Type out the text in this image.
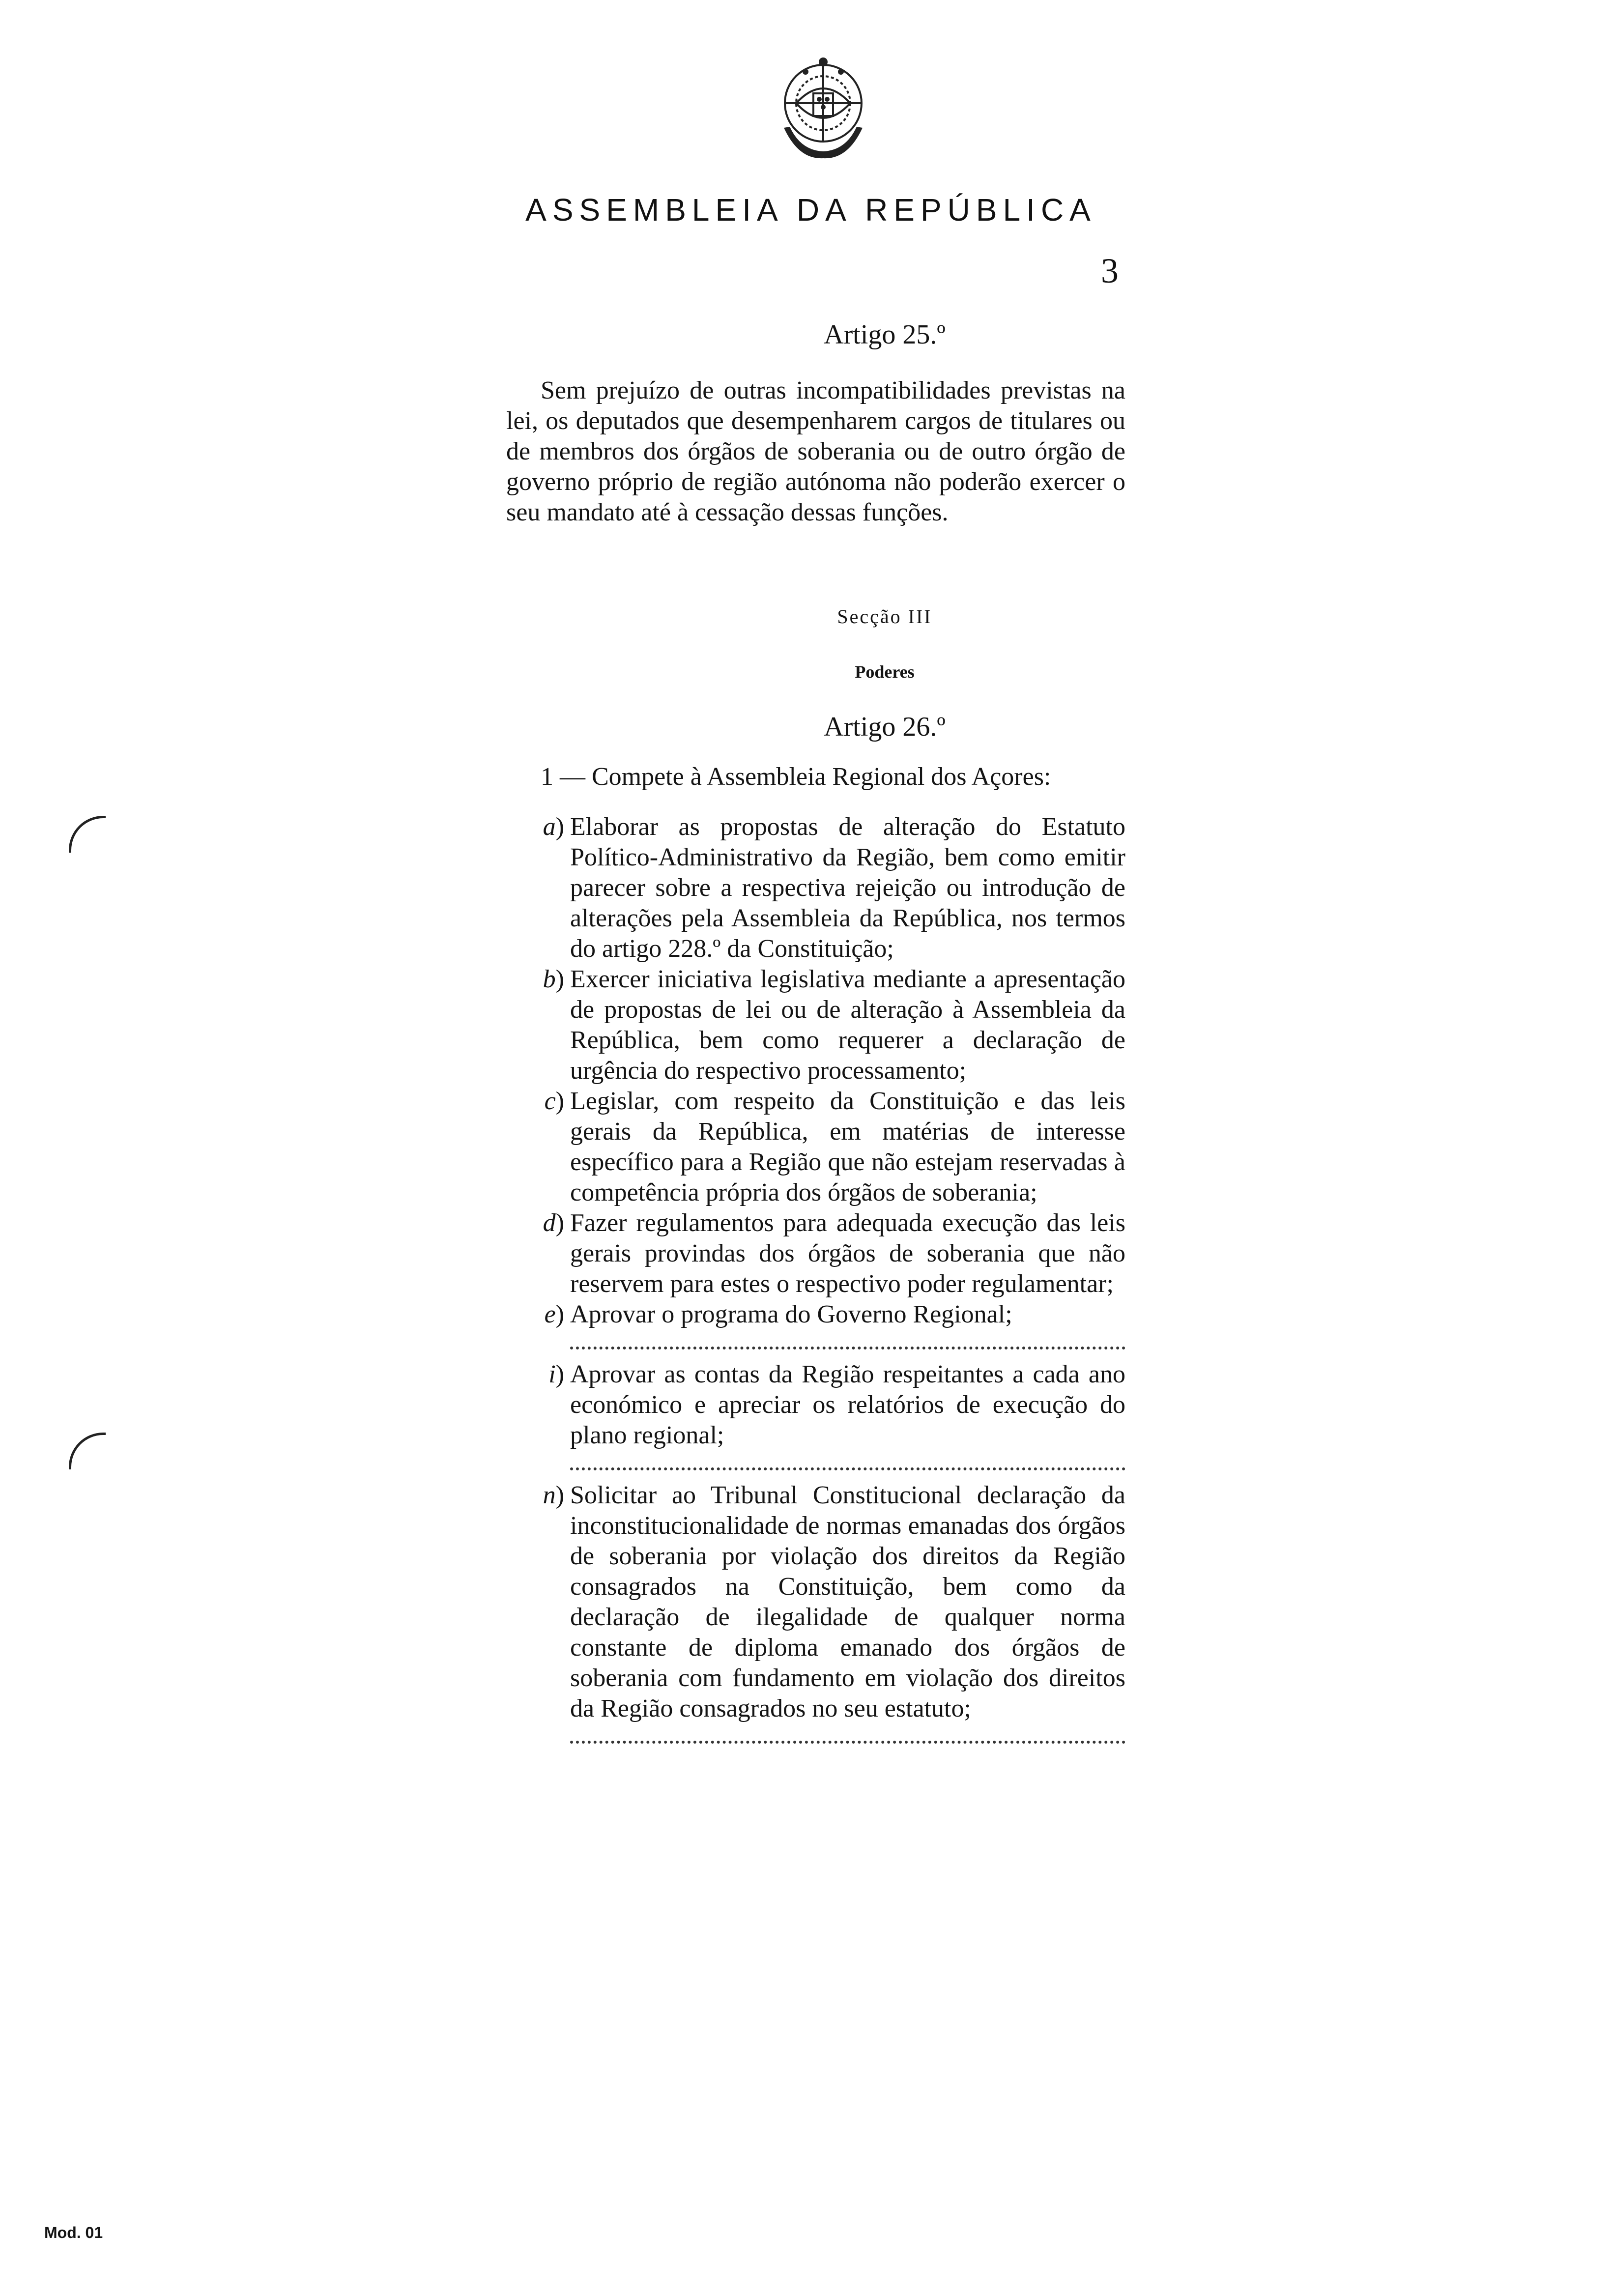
ASSEMBLEIA DA REPÚBLICA
3
Artigo 25.º

Sem prejuízo de outras incompatibilidades previstas na lei, os deputados que desempenharem cargos de titulares ou de membros dos órgãos de soberania ou de outro órgão de governo próprio de região autónoma não poderão exercer o seu mandato até à cessação dessas funções.

Secção III
Poderes
Artigo 26.º

1 — Compete à Assembleia Regional dos Açores:

a) Elaborar as propostas de alteração do Estatuto Político-Administrativo da Região, bem como emitir parecer sobre a respectiva rejeição ou introdução de alterações pela Assembleia da República, nos termos do artigo 228.º da Constituição;
b) Exercer iniciativa legislativa mediante a apresentação de propostas de lei ou de alteração à Assembleia da República, bem como requerer a declaração de urgência do respectivo processamento;
c) Legislar, com respeito da Constituição e das leis gerais da República, em matérias de interesse específico para a Região que não estejam reservadas à competência própria dos órgãos de soberania;
d) Fazer regulamentos para adequada execução das leis gerais provindas dos órgãos de soberania que não reservem para estes o respectivo poder regulamentar;
e) Aprovar o programa do Governo Regional;
i) Aprovar as contas da Região respeitantes a cada ano económico e apreciar os relatórios de execução do plano regional;
n) Solicitar ao Tribunal Constitucional declaração da inconstitucionalidade de normas emanadas dos órgãos de soberania por violação dos direitos da Região consagrados na Constituição, bem como da declaração de ilegalidade de qualquer norma constante de diploma emanado dos órgãos de soberania com fundamento em violação dos direitos da Região consagrados no seu estatuto;
Mod. 01
